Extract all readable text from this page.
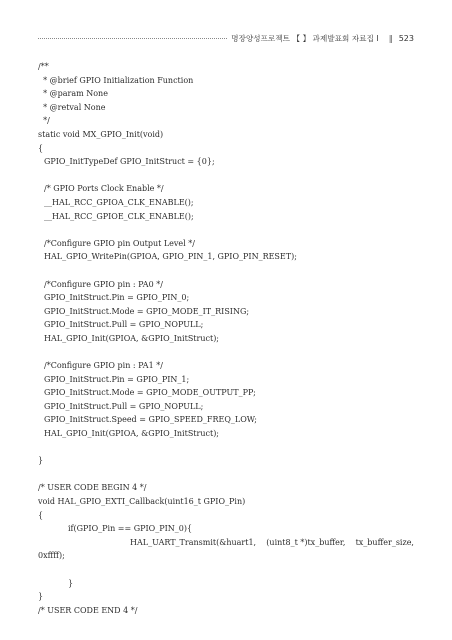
명장양성프로젝트 【 】 과제발표회 자료집 Ⅰ ‖ 523
/**
* @brief GPIO Initialization Function
* @param None
* @retval None
*/
static void MX_GPIO_Init(void)
{
GPIO_InitTypeDef GPIO_InitStruct = {0};
/* GPIO Ports Clock Enable */
__HAL_RCC_GPIOA_CLK_ENABLE();
__HAL_RCC_GPIOE_CLK_ENABLE();
/*Configure GPIO pin Output Level */
HAL_GPIO_WritePin(GPIOA, GPIO_PIN_1, GPIO_PIN_RESET);
/*Configure GPIO pin : PA0 */
GPIO_InitStruct.Pin = GPIO_PIN_0;
GPIO_InitStruct.Mode = GPIO_MODE_IT_RISING;
GPIO_InitStruct.Pull = GPIO_NOPULL;
HAL_GPIO_Init(GPIOA, &GPIO_InitStruct);
/*Configure GPIO pin : PA1 */
GPIO_InitStruct.Pin = GPIO_PIN_1;
GPIO_InitStruct.Mode = GPIO_MODE_OUTPUT_PP;
GPIO_InitStruct.Pull = GPIO_NOPULL;
GPIO_InitStruct.Speed = GPIO_SPEED_FREQ_LOW;
HAL_GPIO_Init(GPIOA, &GPIO_InitStruct);
}
/* USER CODE BEGIN 4 */
void HAL_GPIO_EXTI_Callback(uint16_t GPIO_Pin)
{
if(GPIO_Pin == GPIO_PIN_0){
HAL_UART_Transmit(&huart1, (uint8_t *)tx_buffer, tx_buffer_size,
0xffff);
}
}
/* USER CODE END 4 */
